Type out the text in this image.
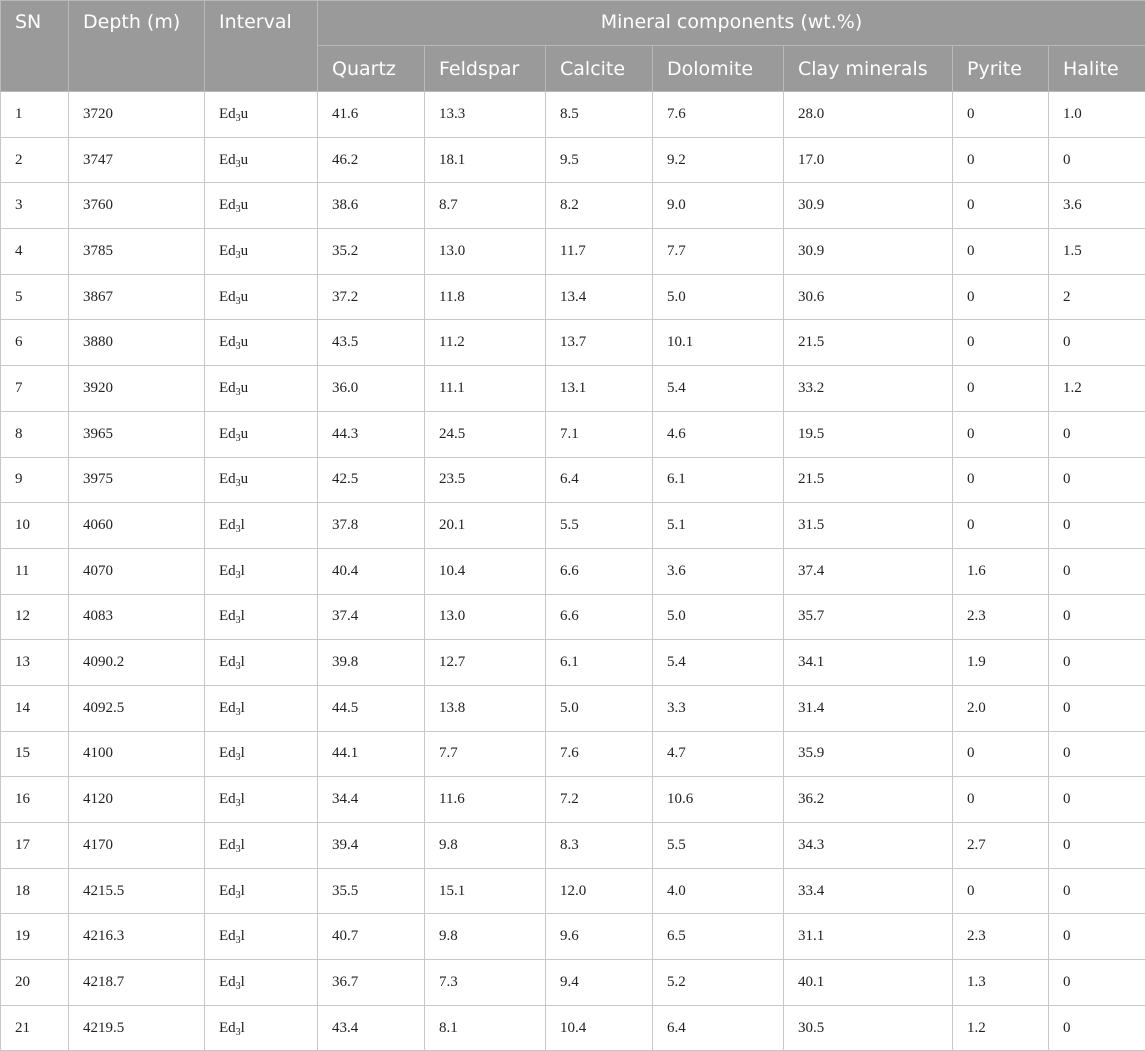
SN	Depth (m)	Interval	Mineral components (wt.%)						
			Quartz	Feldspar	Calcite	Dolomite	Clay minerals	Pyrite	Halite
1	3720	$Ed_3u$	41.6	13.3	8.5	7.6	28.0	0	1.0
2	3747	$Ed_3u$	46.2	18.1	9.5	9.2	17.0	0	0
3	3760	$Ed_3u$	38.6	8.7	8.2	9.0	30.9	0	3.6
4	3785	$Ed_3u$	35.2	13.0	11.7	7.7	30.9	0	1.5
5	3867	$Ed_3u$	37.2	11.8	13.4	5.0	30.6	0	2
6	3880	$Ed_3u$	43.5	11.2	13.7	10.1	21.5	0	0
7	3920	$Ed_3u$	36.0	11.1	13.1	5.4	33.2	0	1.2
8	3965	$Ed_3u$	44.3	24.5	7.1	4.6	19.5	0	0
9	3975	$Ed_3u$	42.5	23.5	6.4	6.1	21.5	0	0
10	4060	$Ed_3l$	37.8	20.1	5.5	5.1	31.5	0	0
11	4070	$Ed_3l$	40.4	10.4	6.6	3.6	37.4	1.6	0
12	4083	$Ed_3l$	37.4	13.0	6.6	5.0	35.7	2.3	0
13	4090.2	$Ed_3l$	39.8	12.7	6.1	5.4	34.1	1.9	0
14	4092.5	$Ed_3l$	44.5	13.8	5.0	3.3	31.4	2.0	0
15	4100	$Ed_3l$	44.1	7.7	7.6	4.7	35.9	0	0
16	4120	$Ed_3l$	34.4	11.6	7.2	10.6	36.2	0	0
17	4170	$Ed_3l$	39.4	9.8	8.3	5.5	34.3	2.7	0
18	4215.5	$Ed_3l$	35.5	15.1	12.0	4.0	33.4	0	0
19	4216.3	$Ed_3l$	40.7	9.8	9.6	6.5	31.1	2.3	0
20	4218.7	$Ed_3l$	36.7	7.3	9.4	5.2	40.1	1.3	0
21	4219.5	$Ed_3l$	43.4	8.1	10.4	6.4	30.5	1.2	0
